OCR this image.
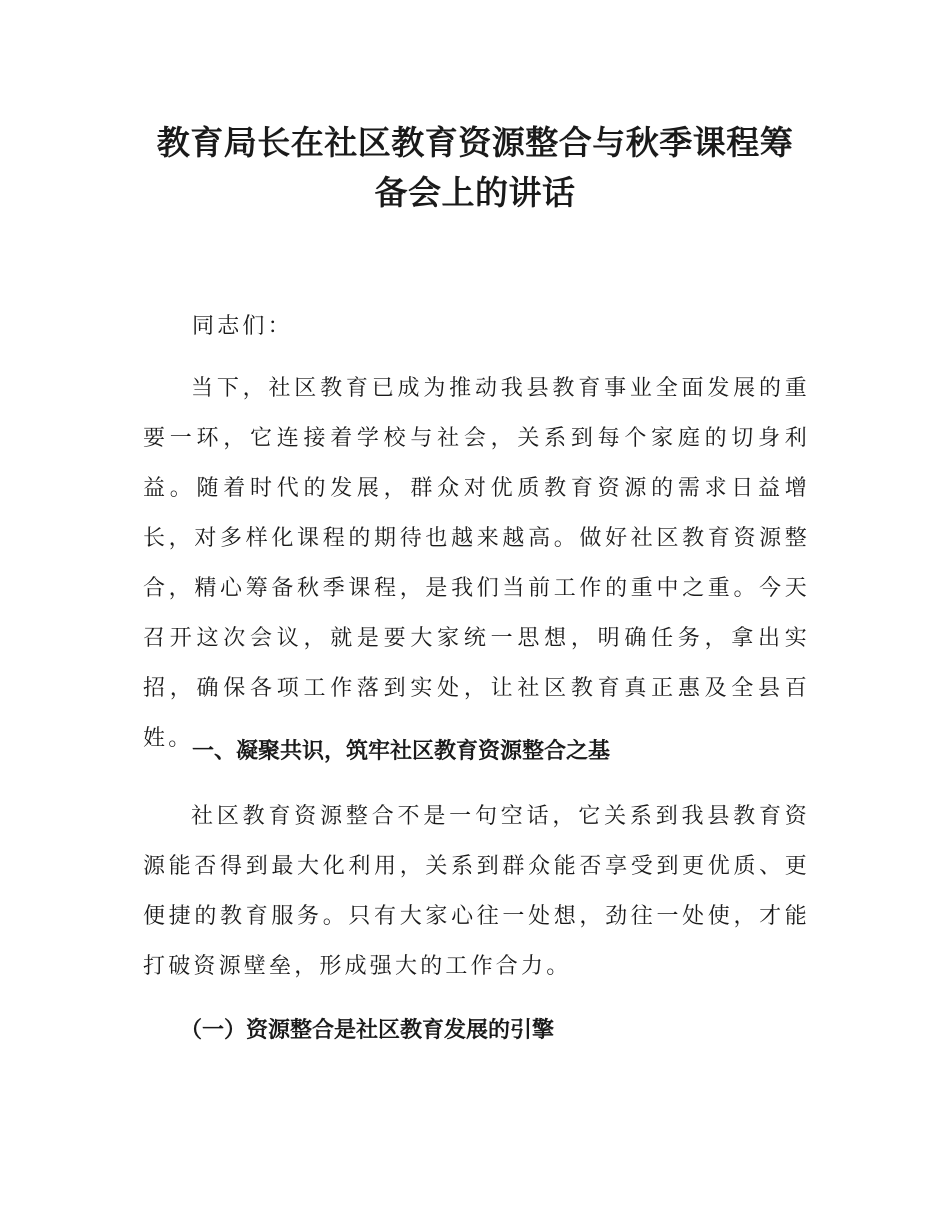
教育局长在社区教育资源整合与秋季课程筹
备会上的讲话

同志们：

当下，社区教育已成为推动我县教育事业全面发展的重要一环，它连接着学校与社会，关系到每个家庭的切身利益。随着时代的发展，群众对优质教育资源的需求日益增长，对多样化课程的期待也越来越高。做好社区教育资源整合，精心筹备秋季课程，是我们当前工作的重中之重。今天召开这次会议，就是要大家统一思想，明确任务，拿出实招，确保各项工作落到实处，让社区教育真正惠及全县百姓。

一、凝聚共识，筑牢社区教育资源整合之基

社区教育资源整合不是一句空话，它关系到我县教育资源能否得到最大化利用，关系到群众能否享受到更优质、更便捷的教育服务。只有大家心往一处想，劲往一处使，才能打破资源壁垒，形成强大的工作合力。

（一）资源整合是社区教育发展的引擎
